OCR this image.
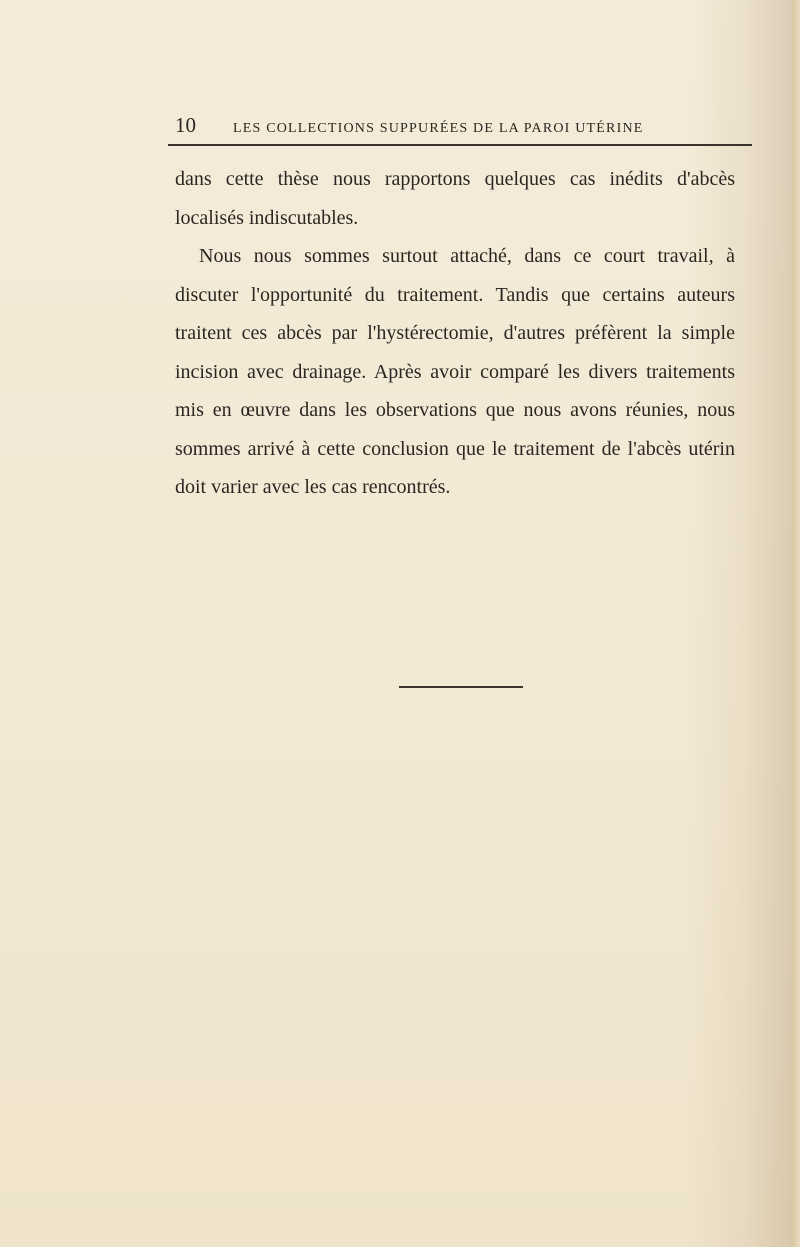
10	LES COLLECTIONS SUPPURÉES DE LA PAROI UTÉRINE

dans cette thèse nous rapportons quelques cas inédits d'abcès localisés indiscutables.

Nous nous sommes surtout attaché, dans ce court travail, à discuter l'opportunité du traitement. Tandis que certains auteurs traitent ces abcès par l'hystérectomie, d'autres préfèrent la simple incision avec drainage. Après avoir comparé les divers traitements mis en œuvre dans les observations que nous avons réunies, nous sommes arrivé à cette conclusion que le traitement de l'abcès utérin doit varier avec les cas rencontrés.
